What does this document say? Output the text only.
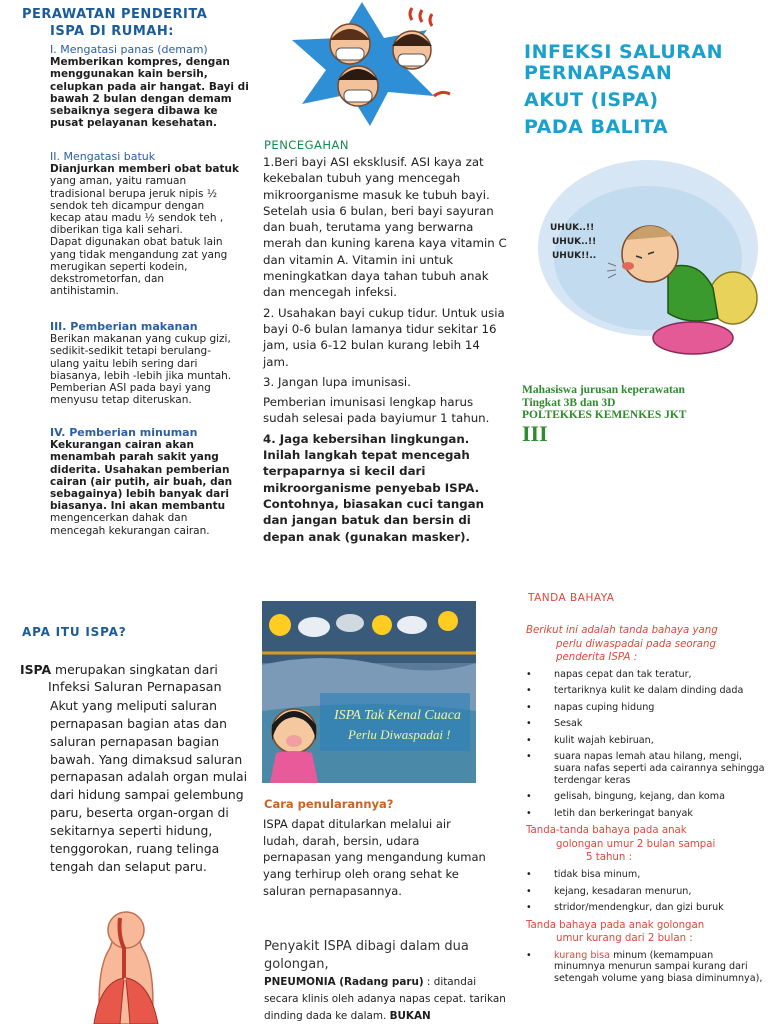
PERAWATAN PENDERITA
ISPA DI RUMAH:
I. Mengatasi panas (demam)
Memberikan kompres, dengan
menggunakan kain bersih,
celupkan pada air hangat. Bayi di
bawah 2 bulan dengan demam
sebaiknya segera dibawa ke
pusat pelayanan kesehatan.
II. Mengatasi batuk
Dianjurkan memberi obat batuk
yang aman, yaitu ramuan
tradisional berupa jeruk nipis ½
sendok teh dicampur dengan
kecap atau madu ½ sendok teh ,
diberikan tiga kali sehari.
Dapat digunakan obat batuk lain
yang tidak mengandung zat yang
merugikan seperti kodein,
dekstrometorfan, dan
antihistamin.
III. Pemberian makanan
Berikan makanan yang cukup gizi,
sedikit-sedikit tetapi berulang-
ulang yaitu lebih sering dari
biasanya, lebih -lebih jika muntah.
Pemberian ASI pada bayi yang
menyusu tetap diteruskan.
IV. Pemberian minuman
Kekurangan cairan akan
menambah parah sakit yang
diderita. Usahakan pemberian
cairan (air putih, air buah, dan
sebagainya) lebih banyak dari
biasanya. Ini akan membantu
mengencerkan dahak dan
mencegah kekurangan cairan.
PENCEGAHAN

1.Beri bayi ASI eksklusif. ASI kaya zat kekebalan tubuh yang mencegah mikroorganisme masuk ke tubuh bayi. Setelah usia 6 bulan, beri bayi sayuran dan buah, terutama yang berwarna merah dan kuning karena kaya vitamin C dan vitamin A. Vitamin ini untuk meningkatkan daya tahan tubuh anak dan mencegah infeksi.

2. Usahakan bayi cukup tidur. Untuk usia bayi 0-6 bulan lamanya tidur sekitar 16 jam, usia 6-12 bulan kurang lebih 14 jam.

3. Jangan lupa imunisasi.

Pemberian imunisasi lengkap harus sudah selesai pada bayiumur 1 tahun.

4. Jaga kebersihan lingkungan. Inilah langkah tepat mencegah terpaparnya si kecil dari mikroorganisme penyebab ISPA. Contohnya, biasakan cuci tangan dan jangan batuk dan bersin di depan anak (gunakan masker).

INFEKSI SALURAN
PERNAPASAN
AKUT (ISPA)
PADA BALITA
UHUK..!!
UHUK..!!
UHUK!!..
Mahasiswa jurusan keperawatan
Tingkat 3B dan 3D
POLTEKKES KEMENKES JKT
III
APA ITU ISPA?
ISPA merupakan singkatan dari
Infeksi Saluran Pernapasan
Akut yang meliputi saluran
pernapasan bagian atas dan
saluran pernapasan bagian
bawah. Yang dimaksud saluran
pernapasan adalah organ mulai
dari hidung sampai gelembung
paru, beserta organ-organ di
sekitarnya seperti hidung,
tenggorokan, ruang telinga
tengah dan selaput paru.
ISPA Tak Kenal Cuaca
Perlu Diwaspadai !
Cara penularannya?
ISPA dapat ditularkan melalui air ludah, darah, bersin, udara pernapasan yang mengandung kuman yang terhirup oleh orang sehat ke saluran pernapasannya.
Penyakit ISPA dibagi dalam dua golongan,
PNEUMONIA (Radang paru) : ditandai secara klinis oleh adanya napas cepat. tarikan dinding dada ke dalam. BUKAN
TANDA BAHAYA
Berikut ini adalah tanda bahaya yang
perlu diwaspadai pada seorang
penderita ISPA :
• napas cepat dan tak teratur,
• tertariknya kulit ke dalam dinding dada
• napas cuping hidung
• Sesak
• kulit wajah kebiruan,
• suara napas lemah atau hilang, mengi, suara nafas seperti ada cairannya sehingga terdengar keras
• gelisah, bingung, kejang, dan koma
• letih dan berkeringat banyak
Tanda-tanda bahaya pada anak
golongan umur 2 bulan sampai
5 tahun :
• tidak bisa minum,
• kejang, kesadaran menurun,
• stridor/mendengkur, dan gizi buruk
Tanda bahaya pada anak golongan
umur kurang dari 2 bulan :
• kurang bisa minum (kemampuan minumnya menurun sampai kurang dari setengah volume yang biasa diminumnya),
